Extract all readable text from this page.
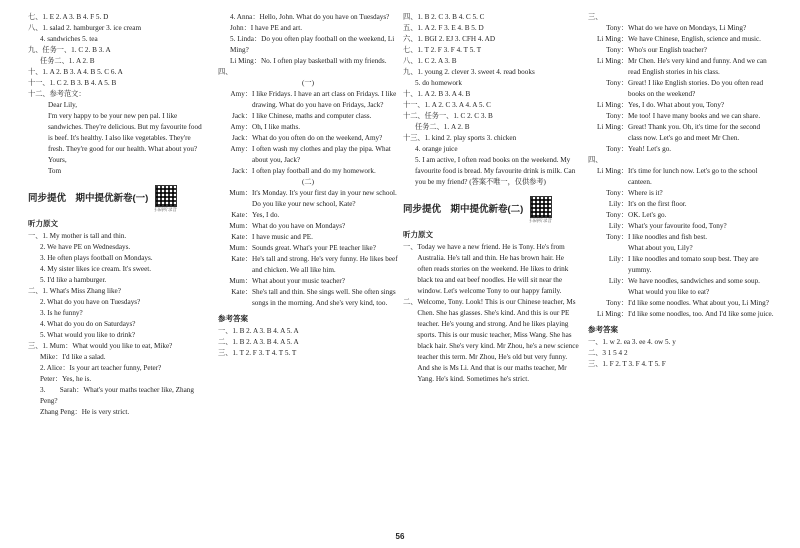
七、1. E 2. A 3. B 4. F 5. D
八、1. salad 2. hamburger 3. ice cream
4. sandwiches 5. tea
九、任务一、1. C 2. B 3. A
任务二、1. A 2. B
十、1. A 2. B 3. A 4. B 5. C 6. A
十一、1. C 2. B 3. B 4. A 5. B
十二、参考范文：
Dear Lily,
I'm very happy to be your new pen pal. I like sandwiches. They're delicious. But my favourite food is beef. It's healthy. I also like vegetables. They're fresh. They're good for our health. What about you?
Yours,
Tom
同步提优　期中提优新卷(一)
扫码听录音
听力原文
一、1. My mother is tall and thin.
2. We have PE on Wednesdays.
3. He often plays football on Mondays.
4. My sister likes ice cream. It's sweet.
5. I'd like a hamburger.
二、1. What's Miss Zhang like?
2. What do you have on Tuesdays?
3. Is he funny?
4. What do you do on Saturdays?
5. What would you like to drink?
三、1. Mum：What would you like to eat, Mike?
Mike：I'd like a salad.
2. Alice：Is your art teacher funny, Peter?
Peter：Yes, he is.
3.　　Sarah：What's your maths teacher like, Zhang Peng?
Zhang Peng：He is very strict.
4. Anna：Hello, John. What do you have on Tuesdays?
John：I have PE and art.
5. Linda：Do you often play football on the weekend, Li Ming?
Li Ming：No. I often play basketball with my friends.
四、
(一)
Amy： I like Fridays. I have an art class on Fridays. I like drawing. What do you have on Fridays, Jack?
Jack： I like Chinese, maths and computer class.
Amy： Oh, I like maths.
Jack： What do you often do on the weekend, Amy?
Amy： I often wash my clothes and play the pipa. What about you, Jack?
Jack： I often play football and do my homework.
(二)
Mum： It's Monday. It's your first day in your new school. Do you like your new school, Kate?
Kate： Yes, I do.
Mum： What do you have on Mondays?
Kate： I have music and PE.
Mum： Sounds great. What's your PE teacher like?
Kate： He's tall and strong. He's very funny. He likes beef and chicken. We all like him.
Mum： What about your music teacher?
Kate： She's tall and thin. She sings well. She often sings songs in the morning. And she's very kind, too.
参考答案
一、1. B 2. A 3. B 4. A 5. A
二、1. B 2. A 3. B 4. A 5. A
三、1. T 2. F 3. T 4. T 5. T
四、1. B 2. C 3. B 4. C 5. C
五、1. A 2. F 3. E 4. B 5. D
六、1. BGI 2. EJ 3. CFH 4. AD
七、1. T 2. F 3. F 4. T 5. T
八、1. C 2. A 3. B
九、1. young 2. clever 3. sweet 4. read books
5. do homework
十、1. A 2. B 3. A 4. B
十一、1. A 2. C 3. A 4. A 5. C
十二、任务一、1. C 2. C 3. B
任务二、1. A 2. B
十三、1. kind 2. play sports 3. chicken
4. orange juice
5. I am active, I often read books on the weekend. My favourite food is bread. My favourite drink is milk. Can you be my friend? (答案不唯一，仅供参考)
同步提优　期中提优新卷(二)
扫码听录音
听力原文
一、 Today we have a new friend. He is Tony. He's from Australia. He's tall and thin. He has brown hair. He often reads stories on the weekend. He likes to drink black tea and eat beef noodles. He will sit near the window. Let's welcome Tony to our happy family.
二、 Welcome, Tony. Look! This is our Chinese teacher, Ms Chen. She has glasses. She's kind. And this is our PE teacher. He's young and strong. And he likes playing sports. This is our music teacher, Miss Wang. She has black hair. She's very kind. Mr Zhou, he's a new science teacher this term. Mr Zhou, He's old but very funny. And she is Ms Li. And that is our maths teacher, Mr Yang. He's kind. Sometimes he's strict.
三、
Tony： What do we have on Mondays, Li Ming?
Li Ming： We have Chinese, English, science and music.
Tony： Who's our English teacher?
Li Ming： Mr Chen. He's very kind and funny. And we can read English stories in his class.
Tony： Great! I like English stories. Do you often read books on the weekend?
Li Ming： Yes, I do. What about you, Tony?
Tony： Me too! I have many books and we can share.
Li Ming： Great! Thank you. Oh, it's time for the second class now. Let's go and meet Mr Chen.
Tony： Yeah! Let's go.
四、
Li Ming： It's time for lunch now. Let's go to the school canteen.
Tony： Where is it?
Lily： It's on the first floor.
Tony： OK. Let's go.
Lily： What's your favourite food, Tony?
Tony： I like noodles and fish best.
What about you, Lily?
Lily： I like noodles and tomato soup best. They are yummy.
Lily： We have noodles, sandwiches and some soup. What would you like to eat?
Tony： I'd like some noodles. What about you, Li Ming?
Li Ming： I'd like some noodles, too. And I'd like some juice.
参考答案
一、1. w 2. ea 3. ee 4. ow 5. y
二、3 1 5 4 2
三、1. F 2. T 3. F 4. T 5. F
56
